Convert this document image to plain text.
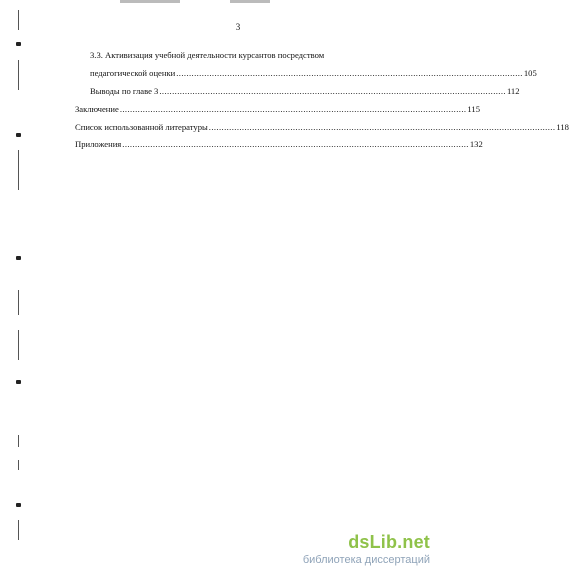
3
3.3. Активизация учебной деятельности курсантов посредством
педагогической оценки ........................................................................................................................................ 105
Выводы по главе 3 ........................................................................................................................................ 112
Заключение ........................................................................................................................................ 115
Список использованной литературы ........................................................................................................................................ 118
Приложения ........................................................................................................................................ 132
dsLib.net
библиотека диссертаций
